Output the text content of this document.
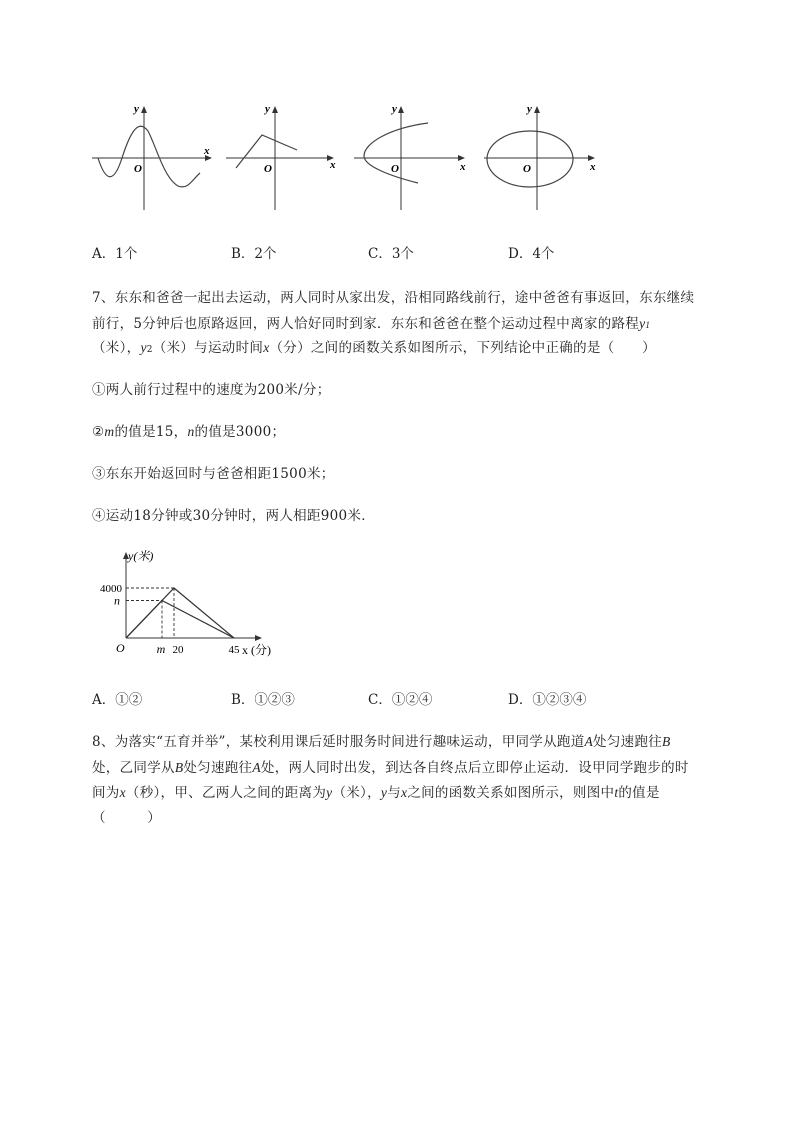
y
x
O
y
x
O
y
x
O
y
x
O
A．1个	B．2个	C．3个	D．4个
7、东东和爸爸一起出去运动，两人同时从家出发，沿相同路线前行，途中爸爸有事返回，东东继续
前行，5分钟后也原路返回，两人恰好同时到家．东东和爸爸在整个运动过程中离家的路程y1
（米），y2（米）与运动时间x（分）之间的函数关系如图所示，下列结论中正确的是（　　）
①两人前行过程中的速度为200米/分；
②m的值是15，n的值是3000；
③东东开始返回时与爸爸相距1500米；
④运动18分钟或30分钟时，两人相距900米．
y(米)
4000
n
m 20	45
O	x (分)
A．①②	B．①②③	C．①②④	D．①②③④
8、为落实“五育并举”，某校利用课后延时服务时间进行趣味运动，甲同学从跑道A处匀速跑往B
处，乙同学从B处匀速跑往A处，两人同时出发，到达各自终点后立即停止运动．设甲同学跑步的时
间为x（秒），甲、乙两人之间的距离为y（米），y与x之间的函数关系如图所示，则图中t的值是
（　　　）
